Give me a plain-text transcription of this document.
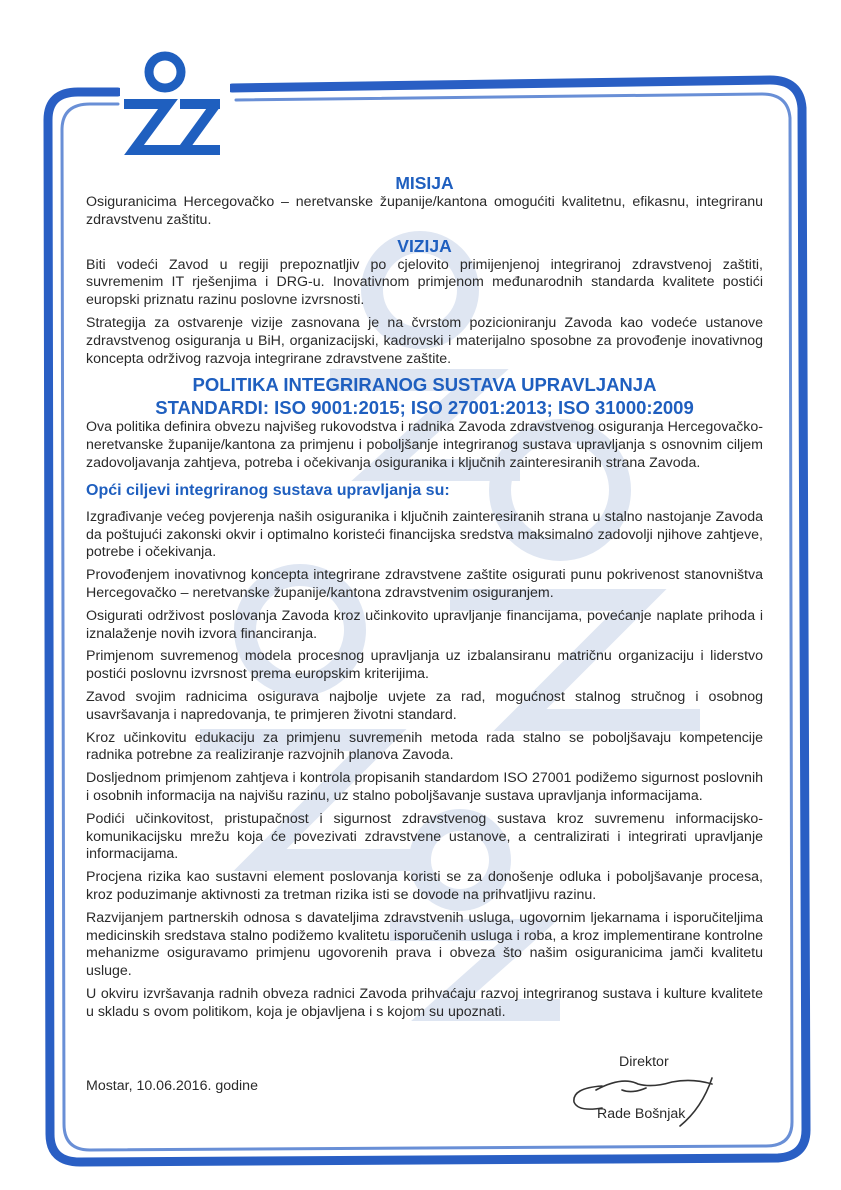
MISIJA

Osiguranicima Hercegovačko – neretvanske županije/kantona omogućiti kvalitetnu, efikasnu, integriranu zdravstvenu zaštitu.

VIZIJA

Biti vodeći Zavod u regiji prepoznatljiv po cjelovito primijenjenoj integriranoj zdravstvenoj zaštiti, suvremenim IT rješenjima i DRG-u. Inovativnom primjenom međunarodnih standarda kvalitete postići europski priznatu razinu poslovne izvrsnosti.

Strategija za ostvarenje vizije zasnovana je na čvrstom pozicioniranju Zavoda kao vodeće ustanove zdravstvenog osiguranja u BiH, organizacijski, kadrovski i materijalno sposobne za provođenje inovativnog koncepta održivog razvoja integrirane zdravstvene zaštite.

POLITIKA INTEGRIRANOG SUSTAVA UPRAVLJANJA
STANDARDI: ISO 9001:2015; ISO 27001:2013; ISO 31000:2009

Ova politika definira obvezu najvišeg rukovodstva i radnika Zavoda zdravstvenog osiguranja Hercegovačko-neretvanske županije/kantona za primjenu i poboljšanje integriranog sustava upravljanja s osnovnim ciljem zadovoljavanja zahtjeva, potreba i očekivanja osiguranika i ključnih zainteresiranih strana Zavoda.

Opći ciljevi integriranog sustava upravljanja su:

Izgrađivanje većeg povjerenja naših osiguranika i ključnih zainteresiranih strana u stalno nastojanje Zavoda da poštujući zakonski okvir i optimalno koristeći financijska sredstva maksimalno zadovolji njihove zahtjeve, potrebe i očekivanja.

Provođenjem inovativnog koncepta integrirane zdravstvene zaštite osigurati punu pokrivenost stanovništva Hercegovačko – neretvanske županije/kantona zdravstvenim osiguranjem.

Osigurati održivost poslovanja Zavoda kroz učinkovito upravljanje financijama, povećanje naplate prihoda i iznalaženje novih izvora financiranja.

Primjenom suvremenog modela procesnog upravljanja uz izbalansiranu matričnu organizaciju i liderstvo postići poslovnu izvrsnost prema europskim kriterijima.

Zavod svojim radnicima osigurava najbolje uvjete za rad, mogućnost stalnog stručnog i osobnog usavršavanja i napredovanja, te primjeren životni standard.

Kroz učinkovitu edukaciju za primjenu suvremenih metoda rada stalno se poboljšavaju kompetencije radnika potrebne za realiziranje razvojnih planova Zavoda.

Dosljednom primjenom zahtjeva i kontrola propisanih standardom ISO 27001 podižemo sigurnost poslovnih i osobnih informacija na najvišu razinu, uz stalno poboljšavanje sustava upravljanja informacijama.

Podići učinkovitost, pristupačnost i sigurnost zdravstvenog sustava kroz suvremenu informacijsko-komunikacijsku mrežu koja će povezivati zdravstvene ustanove, a centralizirati i integrirati upravljanje informacijama.

Procjena rizika kao sustavni element poslovanja koristi se za donošenje odluka i poboljšavanje procesa, kroz poduzimanje aktivnosti za tretman rizika isti se dovode na prihvatljivu razinu.

Razvijanjem partnerskih odnosa s davateljima zdravstvenih usluga, ugovornim ljekarnama i isporučiteljima medicinskih sredstava stalno podižemo kvalitetu isporučenih usluga i roba, a kroz implementirane kontrolne mehanizme osiguravamo primjenu ugovorenih prava i obveza što našim osiguranicima jamči kvalitetu usluge.

U okviru izvršavanja radnih obveza radnici Zavoda prihvaćaju razvoj integriranog sustava i kulture kvalitete u skladu s ovom politikom, koja je objavljena i s kojom su upoznati.

Direktor
Mostar, 10.06.2016. godine
Rade Bošnjak
